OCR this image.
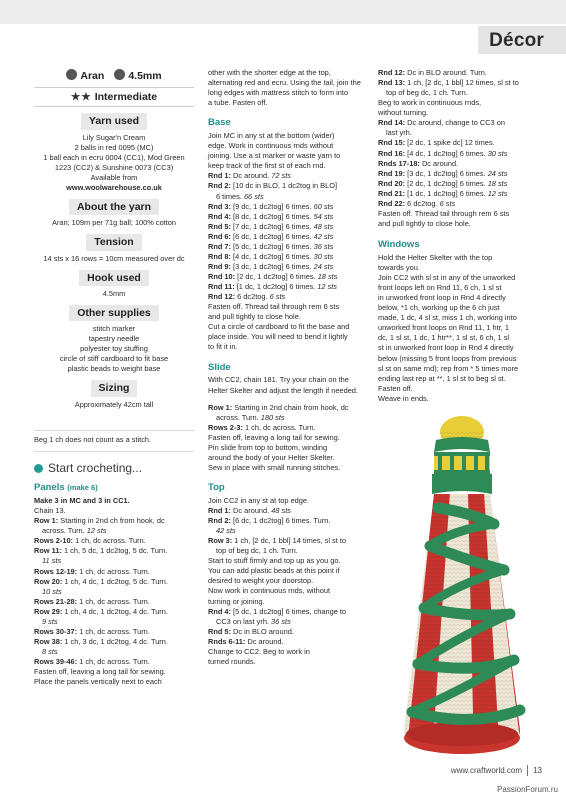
Décor
Aran	4.5mm
★★ Intermediate
Yarn used
Lily Sugar'n Cream
2 balls in red 0095 (MC)
1 ball each in ecru 0004 (CC1), Mod Green
1223 (CC2) & Sunshine 0073 (CC3)
Available from
www.woolwarehouse.co.uk
About the yarn
Aran; 109m per 71g ball; 100% cotton
Tension
14 sts x 16 rows = 10cm measured over dc
Hook used
4.5mm
Other supplies
stitch marker
tapestry needle
polyester toy stuffing
circle of stiff cardboard to fit base
plastic beads to weight base
Sizing
Approximately 42cm tall
Beg 1 ch does not count as a stitch.
Start crocheting...
Panels (make 6)
Make 3 in MC and 3 in CC1.
Chain 13.
Row 1: Starting in 2nd ch from hook, dc
across. Turn. 12 sts
Rows 2-10: 1 ch, dc across. Turn.
Row 11: 1 ch, 5 dc, 1 dc2tog, 5 dc. Turn.
11 sts
Rows 12-19: 1 ch, dc across. Turn.
Row 20: 1 ch, 4 dc, 1 dc2tog, 5 dc. Turn.
10 sts
Rows 21-28: 1 ch, dc across. Turn.
Row 29: 1 ch, 4 dc, 1 dc2tog, 4 dc. Turn.
9 sts
Rows 30-37: 1 ch, dc across. Turn.
Row 38: 1 ch, 3 dc, 1 dc2tog, 4 dc. Turn.
8 sts
Rows 39-46: 1 ch, dc across. Turn.
Fasten off, leaving a long tail for sewing.
Place the panels vertically next to each
other with the shorter edge at the top,
alternating red and ecru. Using the tail, join the
long edges with mattress stitch to form into
a tube. Fasten off.
Base
Join MC in any st at the bottom (wider)
edge. Work in continuous rnds without
joining. Use a st marker or waste yarn to
keep track of the first st of each rnd.
Rnd 1: Dc around. 72 sts
Rnd 2: [10 dc in BLO, 1 dc2tog in BLO]
6 times. 66 sts
Rnd 3: [9 dc, 1 dc2tog] 6 times. 60 sts
Rnd 4: [8 dc, 1 dc2tog] 6 times. 54 sts
Rnd 5: [7 dc, 1 dc2tog] 6 times. 48 sts
Rnd 6: [6 dc, 1 dc2tog] 6 times. 42 sts
Rnd 7: [5 dc, 1 dc2tog] 6 times. 36 sts
Rnd 8: [4 dc, 1 dc2tog] 6 times. 30 sts
Rnd 9: [3 dc, 1 dc2tog] 6 times. 24 sts
Rnd 10: [2 dc, 1 dc2tog] 6 times. 18 sts
Rnd 11: [1 dc, 1 dc2tog] 6 times. 12 sts
Rnd 12: 6 dc2tog. 6 sts
Fasten off. Thread tail through rem 6 sts
and pull tightly to close hole.
Cut a circle of cardboard to fit the base and
place inside. You will need to bend it lightly
to fit it in.
Slide
With CC2, chain 181. Try your chain on the
Helter Skelter and adjust the length if needed.
Row 1: Starting in 2nd chain from hook, dc
across. Turn. 180 sts
Rows 2-3: 1 ch, dc across. Turn.
Fasten off, leaving a long tail for sewing.
Pin slide from top to bottom, winding
around the body of your Helter Skelter.
Sew in place with small running stitches.
Top
Join CC2 in any st at top edge.
Rnd 1: Dc around. 48 sts
Rnd 2: [6 dc, 1 dc2tog] 6 times. Turn.
42 sts
Row 3: 1 ch, [2 dc, 1 bbl] 14 times, sl st to
top of beg dc, 1 ch. Turn.
Start to stuff firmly and top up as you go.
You can add plastic beads at this point if
desired to weight your doorstop.
Now work in continuous rnds, without
turning or joining.
Rnd 4: [5 dc, 1 dc2tog] 6 times, change to
CC3 on last yrh. 36 sts
Rnd 5: Dc in BLO around.
Rnds 6-11: Dc around.
Change to CC2. Beg to work in
turned rounds.
Rnd 12: Dc in BLO around. Turn.
Rnd 13: 1 ch, [2 dc, 1 bbl] 12 times, sl st to
top of beg dc, 1 ch. Turn.
Beg to work in continuous rnds,
without turning.
Rnd 14: Dc around, change to CC3 on
last yrh.
Rnd 15: [2 dc, 1 spike dc] 12 times.
Rnd 16: [4 dc, 1 dc2tog] 6 times. 30 sts
Rnds 17-18: Dc around.
Rnd 19: [3 dc, 1 dc2tog] 6 times. 24 sts
Rnd 20: [2 dc, 1 dc2tog] 6 times. 18 sts
Rnd 21: [1 dc, 1 dc2tog] 6 times. 12 sts
Rnd 22: 6 dc2tog. 6 sts
Fasten off. Thread tail through rem 6 sts
and pull tightly to close hole.
Windows
Hold the Helter Skelter with the top
towards you.
Join CC2 with sl st in any of the unworked
front loops left on Rnd 11, 6 ch, 1 sl st
in unworked front loop in Rnd 4 directly
below, *1 ch, working up the 6 ch just
made, 1 dc, 4 sl st, miss 1 ch, working into
unworked front loops on Rnd 11, 1 htr, 1
dc, 1 sl st, 1 dc, 1 htr**, 1 sl st, 6 ch, 1 sl
st in unworked front loop in Rnd 4 directly
below (missing 5 front loops from previous
sl st on same rnd); rep from * 5 times more
ending last rep at **, 1 sl st to beg sl st.
Fasten off.
Weave in ends.
www.craftworld.com 13
PassionForum.ru
